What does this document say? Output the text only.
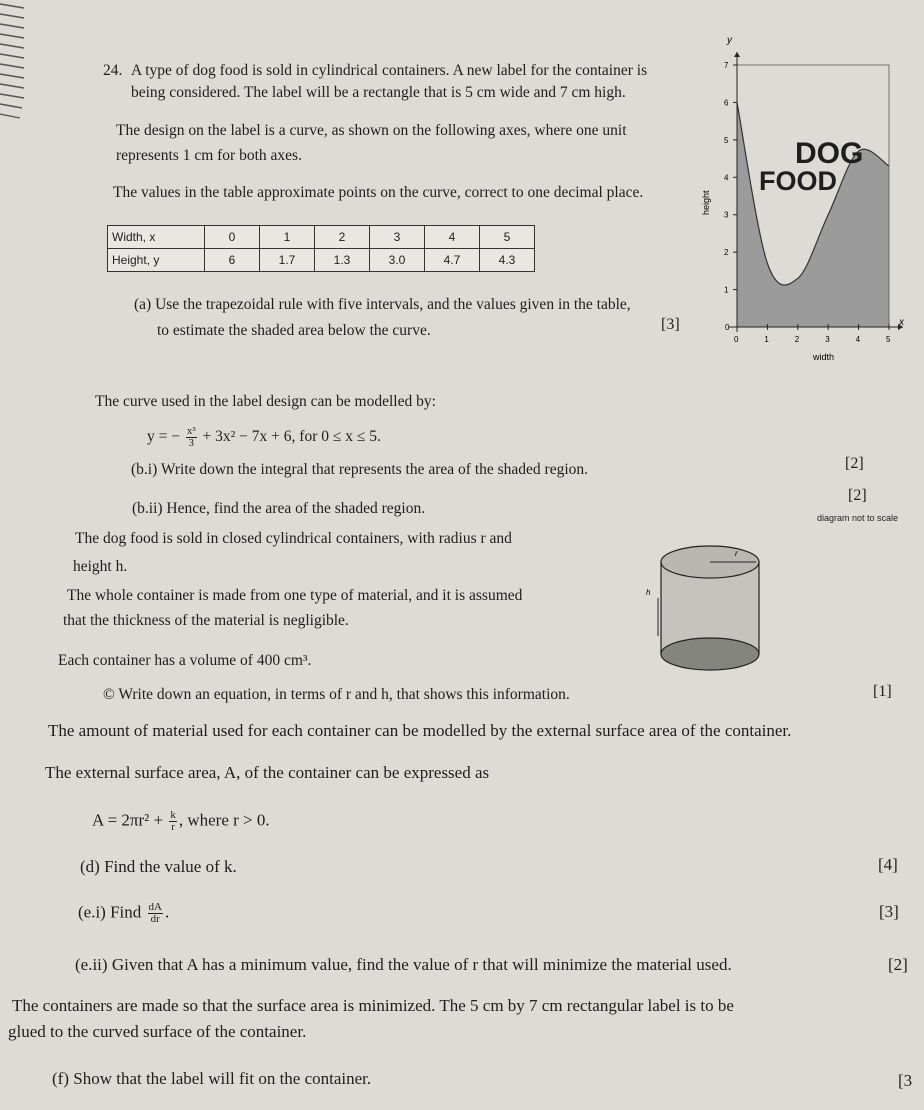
24. A type of dog food is sold in cylindrical containers. A new label for the container is
being considered. The label will be a rectangle that is 5 cm wide and 7 cm high.
The design on the label is a curve, as shown on the following axes, where one unit
represents 1 cm for both axes.
The values in the table approximate points on the curve, correct to one decimal place.
Width, x	0	1	2	3	4	5
Height, y	6	1.7	1.3	3.0	4.7	4.3
(a) Use the trapezoidal rule with five intervals, and the values given in the table,
to estimate the shaded area below the curve.	[3]
0	1	2	3	4	5
0
1
2
3
4
5
6
7
DOG
FOOD
y
x
width
height
The curve used in the label design can be modelled by:
y = − $\frac{\text{x³}}{3} + 3x^2 - 7x + 6$, for 0 ≤ x ≤ 5.
(b.i) Write down the integral that represents the area of the shaded region.	[2]
(b.ii) Hence, find the area of the shaded region.
[2]
diagram not to scale
The dog food is sold in closed cylindrical containers, with radius r and
height h.
The whole container is made from one type of material, and it is assumed
that the thickness of the material is negligible.
Each container has a volume of 400 cm³.
r
h
© Write down an equation, in terms of r and h, that shows this information.	[1]
The amount of material used for each container can be modelled by the external surface area of the container.
The external surface area, A, of the container can be expressed as
$A = 2\pi r^2 + \frac{k}{r}$ , where r > 0.
(d) Find the value of k.	[4]
(e.i) Find $\frac{dA}{dr}$ .	[3]
(e.ii) Given that A has a minimum value, find the value of r that will minimize the material used.	[2]
The containers are made so that the surface area is minimized. The 5 cm by 7 cm rectangular label is to be
glued to the curved surface of the container.
(f) Show that the label will fit on the container.	[3
